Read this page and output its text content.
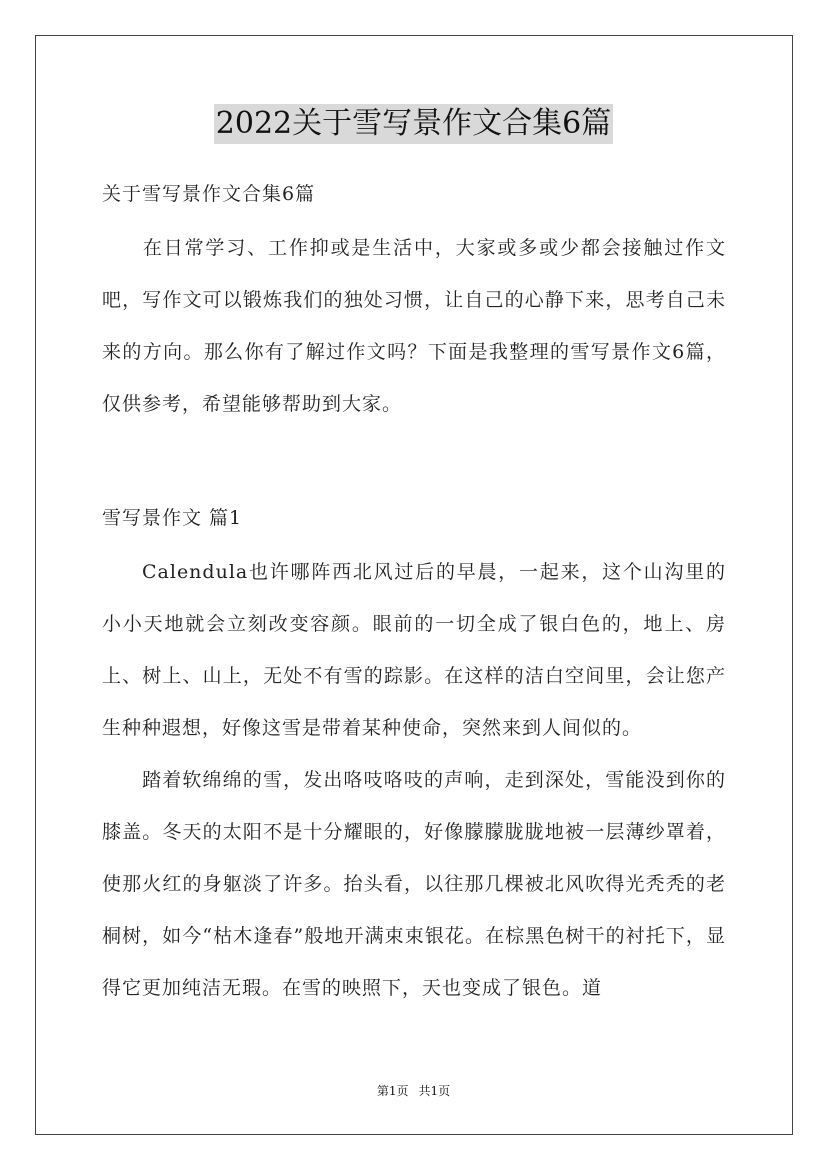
2022关于雪写景作文合集6篇
关于雪写景作文合集6篇

在日常学习、工作抑或是生活中，大家或多或少都会接触过作文吧，写作文可以锻炼我们的独处习惯，让自己的心静下来，思考自己未来的方向。那么你有了解过作文吗？下面是我整理的雪写景作文6篇，仅供参考，希望能够帮助到大家。

雪写景作文 篇1

Calendula也许哪阵西北风过后的早晨，一起来，这个山沟里的小小天地就会立刻改变容颜。眼前的一切全成了银白色的，地上、房上、树上、山上，无处不有雪的踪影。在这样的洁白空间里，会让您产生种种遐想，好像这雪是带着某种使命，突然来到人间似的。

踏着软绵绵的雪，发出咯吱咯吱的声响，走到深处，雪能没到你的膝盖。冬天的太阳不是十分耀眼的，好像朦朦胧胧地被一层薄纱罩着，使那火红的身躯淡了许多。抬头看，以往那几棵被北风吹得光秃秃的老桐树，如今“枯木逢春”般地开满束束银花。在棕黑色树干的衬托下，显得它更加纯洁无瑕。在雪的映照下，天也变成了银色。道

第1页 共1页
